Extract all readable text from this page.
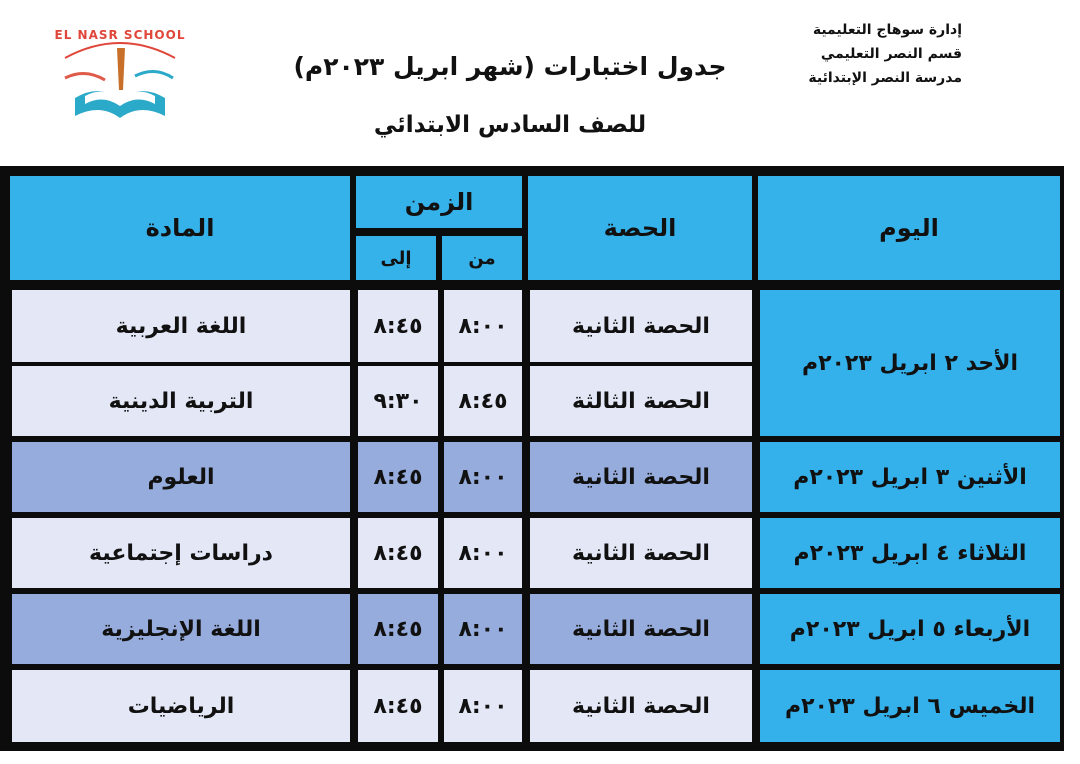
EL NASR SCHOOL
جدول اختبارات (شهر ابريل ٢٠٢٣م)
للصف السادس الابتدائي
إدارة سوهاج التعليمية
قسم النصر التعليمي
مدرسة النصر الإبتدائية
اليوم
الحصة
الزمن
من
إلى
المادة
الأحد ٢ ابريل ٢٠٢٣م
الأثنين ٣ ابريل ٢٠٢٣م
الثلاثاء ٤ ابريل ٢٠٢٣م
الأربعاء ٥ ابريل ٢٠٢٣م
الخميس ٦ ابريل ٢٠٢٣م
الحصة الثانية
٨:٠٠
٨:٤٥
اللغة العربية
الحصة الثالثة
٨:٤٥
٩:٣٠
التربية الدينية
الحصة الثانية
٨:٠٠
٨:٤٥
العلوم
الحصة الثانية
٨:٠٠
٨:٤٥
دراسات إجتماعية
الحصة الثانية
٨:٠٠
٨:٤٥
اللغة الإنجليزية
الحصة الثانية
٨:٠٠
٨:٤٥
الرياضيات
